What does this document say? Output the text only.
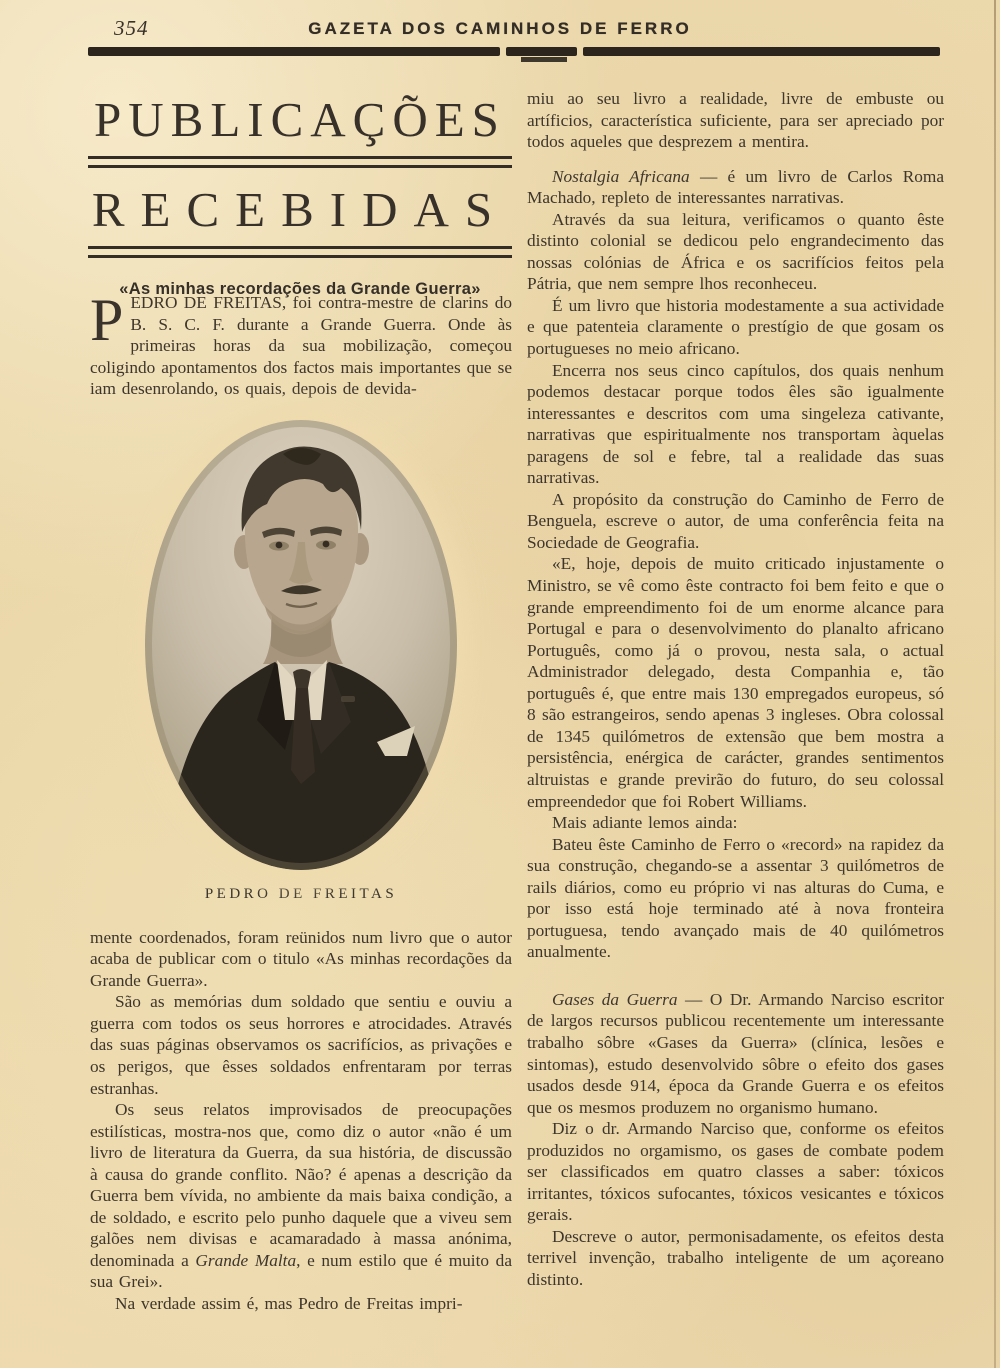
354	GAZETA DOS CAMINHOS DE FERRO
PUBLICAÇÕES
RECEBIDAS
«As minhas recordações da Grande Guerra»

PEDRO DE FREITAS, foi contra-mestre de clarins do B. S. C. F. durante a Grande Guerra. Onde às primeiras horas da sua mobilização, começou coligindo apontamentos dos factos mais importantes que se iam desenrolando, os quais, depois de devida-

PEDRO DE FREITAS

mente coordenados, foram reünidos num livro que o autor acaba de publicar com o titulo «As minhas recordações da Grande Guerra».

São as memórias dum soldado que sentiu e ouviu a guerra com todos os seus horrores e atrocidades. Através das suas páginas observamos os sacrifícios, as privações e os perigos, que êsses soldados enfrentaram por terras estranhas.

Os seus relatos improvisados de preocupações estilísticas, mostra-nos que, como diz o autor «não é um livro de literatura da Guerra, da sua história, de discussão à causa do grande conflito. Não? é apenas a descrição da Guerra bem vívida, no ambiente da mais baixa condição, a de soldado, e escrito pelo punho daquele que a viveu sem galões nem divisas e acamaradado à massa anónima, denominada a Grande Malta, e num estilo que é muito da sua Grei».

Na verdade assim é, mas Pedro de Freitas impri-

miu ao seu livro a realidade, livre de embuste ou artíficios, característica suficiente, para ser apreciado por todos aqueles que desprezem a mentira.

Nostalgia Africana — é um livro de Carlos Roma Machado, repleto de interessantes narrativas.

Através da sua leitura, verificamos o quanto êste distinto colonial se dedicou pelo engrandecimento das nossas colónias de África e os sacrifícios feitos pela Pátria, que nem sempre lhos reconheceu.

É um livro que historia modestamente a sua actividade e que patenteia claramente o prestígio de que gosam os portugueses no meio africano.

Encerra nos seus cinco capítulos, dos quais nenhum podemos destacar porque todos êles são igualmente interessantes e descritos com uma singeleza cativante, narrativas que espiritualmente nos transportam àquelas paragens de sol e febre, tal a realidade das suas narrativas.

A propósito da construção do Caminho de Ferro de Benguela, escreve o autor, de uma conferência feita na Sociedade de Geografia.

«E, hoje, depois de muito criticado injustamente o Ministro, se vê como êste contracto foi bem feito e que o grande empreendimento foi de um enorme alcance para Portugal e para o desenvolvimento do planalto africano Português, como já o provou, nesta sala, o actual Administrador delegado, desta Companhia e, tão português é, que entre mais 130 empregados europeus, só 8 são estrangeiros, sendo apenas 3 ingleses. Obra colossal de 1345 quilómetros de extensão que bem mostra a persistência, enérgica de carácter, grandes sentimentos altruistas e grande previrão do futuro, do seu colossal empreendedor que foi Robert Williams.

Mais adiante lemos ainda:

Bateu êste Caminho de Ferro o «record» na rapidez da sua construção, chegando-se a assentar 3 quilómetros de rails diários, como eu próprio vi nas alturas do Cuma, e por isso está hoje terminado até à nova fronteira portuguesa, tendo avançado mais de 40 quilómetros anualmente.

Gases da Guerra — O Dr. Armando Narciso escritor de largos recursos publicou recentemente um interessante trabalho sôbre «Gases da Guerra» (clínica, lesões e sintomas), estudo desenvolvido sôbre o efeito dos gases usados desde 914, época da Grande Guerra e os efeitos que os mesmos produzem no organismo humano.

Diz o dr. Armando Narciso que, conforme os efeitos produzidos no orgamismo, os gases de combate podem ser classificados em quatro classes a saber: tóxicos irritantes, tóxicos sufocantes, tóxicos vesicantes e tóxicos gerais.

Descreve o autor, permonisadamente, os efeitos desta terrivel invenção, trabalho inteligente de um açoreano distinto.
